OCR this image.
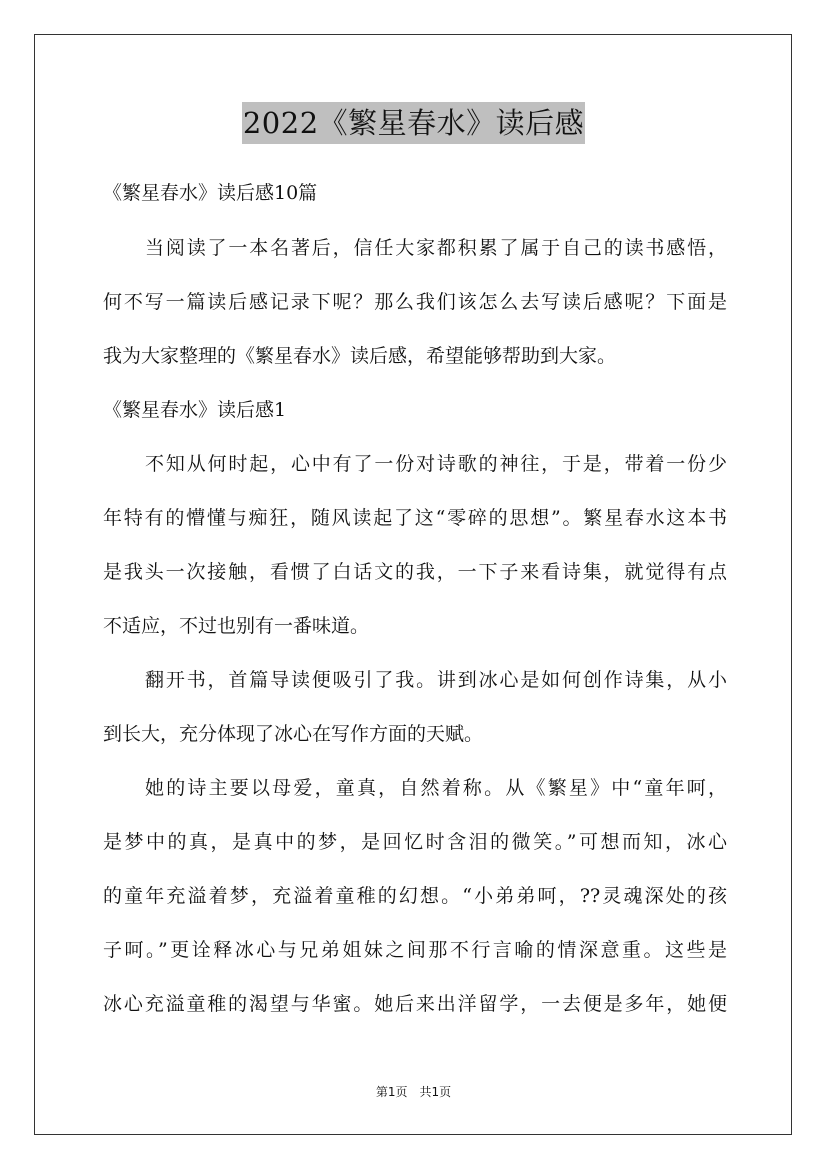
2022《繁星春水》读后感
《繁星春水》读后感10篇
当阅读了一本名著后，信任大家都积累了属于自己的读书感悟，
何不写一篇读后感记录下呢？那么我们该怎么去写读后感呢？下面是
我为大家整理的《繁星春水》读后感，希望能够帮助到大家。
《繁星春水》读后感1
不知从何时起，心中有了一份对诗歌的神往，于是，带着一份少
年特有的懵懂与痴狂，随风读起了这“零碎的思想”。繁星春水这本书
是我头一次接触，看惯了白话文的我，一下子来看诗集，就觉得有点
不适应，不过也别有一番味道。
翻开书，首篇导读便吸引了我。讲到冰心是如何创作诗集，从小
到长大，充分体现了冰心在写作方面的天赋。
她的诗主要以母爱，童真，自然着称。从《繁星》中“童年呵，
是梦中的真，是真中的梦，是回忆时含泪的微笑。”可想而知，冰心
的童年充溢着梦，充溢着童稚的幻想。“小弟弟呵，??灵魂深处的孩
子呵。”更诠释冰心与兄弟姐妹之间那不行言喻的情深意重。这些是
冰心充溢童稚的渴望与华蜜。她后来出洋留学，一去便是多年，她便
第1页　共1页
